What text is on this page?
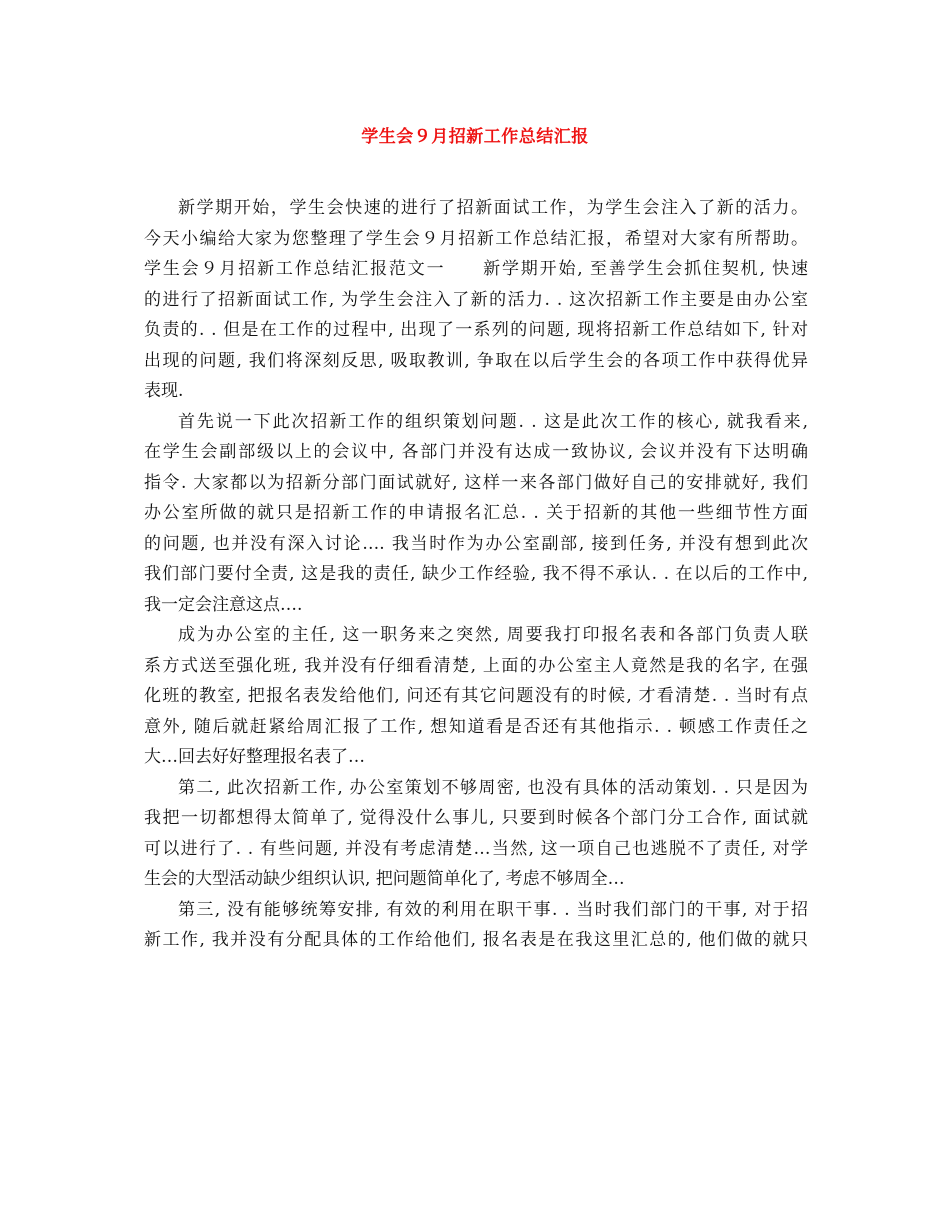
学生会９月招新工作总结汇报
新学期开始，学生会快速的进行了招新面试工作，为学生会注入了新的活力。
今天小编给大家为您整理了学生会９月招新工作总结汇报，希望对大家有所帮助。
学生会９月招新工作总结汇报范文一　　新学期开始, 至善学生会抓住契机, 快速
的进行了招新面试工作, 为学生会注入了新的活力. . 这次招新工作主要是由办公室
负责的. . 但是在工作的过程中, 出现了一系列的问题, 现将招新工作总结如下, 针对
出现的问题, 我们将深刻反思, 吸取教训, 争取在以后学生会的各项工作中获得优异
表现.
首先说一下此次招新工作的组织策划问题. . 这是此次工作的核心, 就我看来,
在学生会副部级以上的会议中, 各部门并没有达成一致协议, 会议并没有下达明确
指令. 大家都以为招新分部门面试就好, 这样一来各部门做好自己的安排就好, 我们
办公室所做的就只是招新工作的申请报名汇总. . 关于招新的其他一些细节性方面
的问题, 也并没有深入讨论…. 我当时作为办公室副部, 接到任务, 并没有想到此次
我们部门要付全责, 这是我的责任, 缺少工作经验, 我不得不承认. . 在以后的工作中,
我一定会注意这点….
成为办公室的主任, 这一职务来之突然, 周要我打印报名表和各部门负责人联
系方式送至强化班, 我并没有仔细看清楚, 上面的办公室主人竟然是我的名字, 在强
化班的教室, 把报名表发给他们, 问还有其它问题没有的时候, 才看清楚. . 当时有点
意外, 随后就赶紧给周汇报了工作, 想知道看是否还有其他指示. . 顿感工作责任之
大…回去好好整理报名表了…
第二, 此次招新工作, 办公室策划不够周密, 也没有具体的活动策划. . 只是因为
我把一切都想得太简单了, 觉得没什么事儿, 只要到时候各个部门分工合作, 面试就
可以进行了. . 有些问题, 并没有考虑清楚…当然, 这一项自己也逃脱不了责任, 对学
生会的大型活动缺少组织认识, 把问题简单化了, 考虑不够周全…
第三, 没有能够统筹安排, 有效的利用在职干事. . 当时我们部门的干事, 对于招
新工作, 我并没有分配具体的工作给他们, 报名表是在我这里汇总的, 他们做的就只
